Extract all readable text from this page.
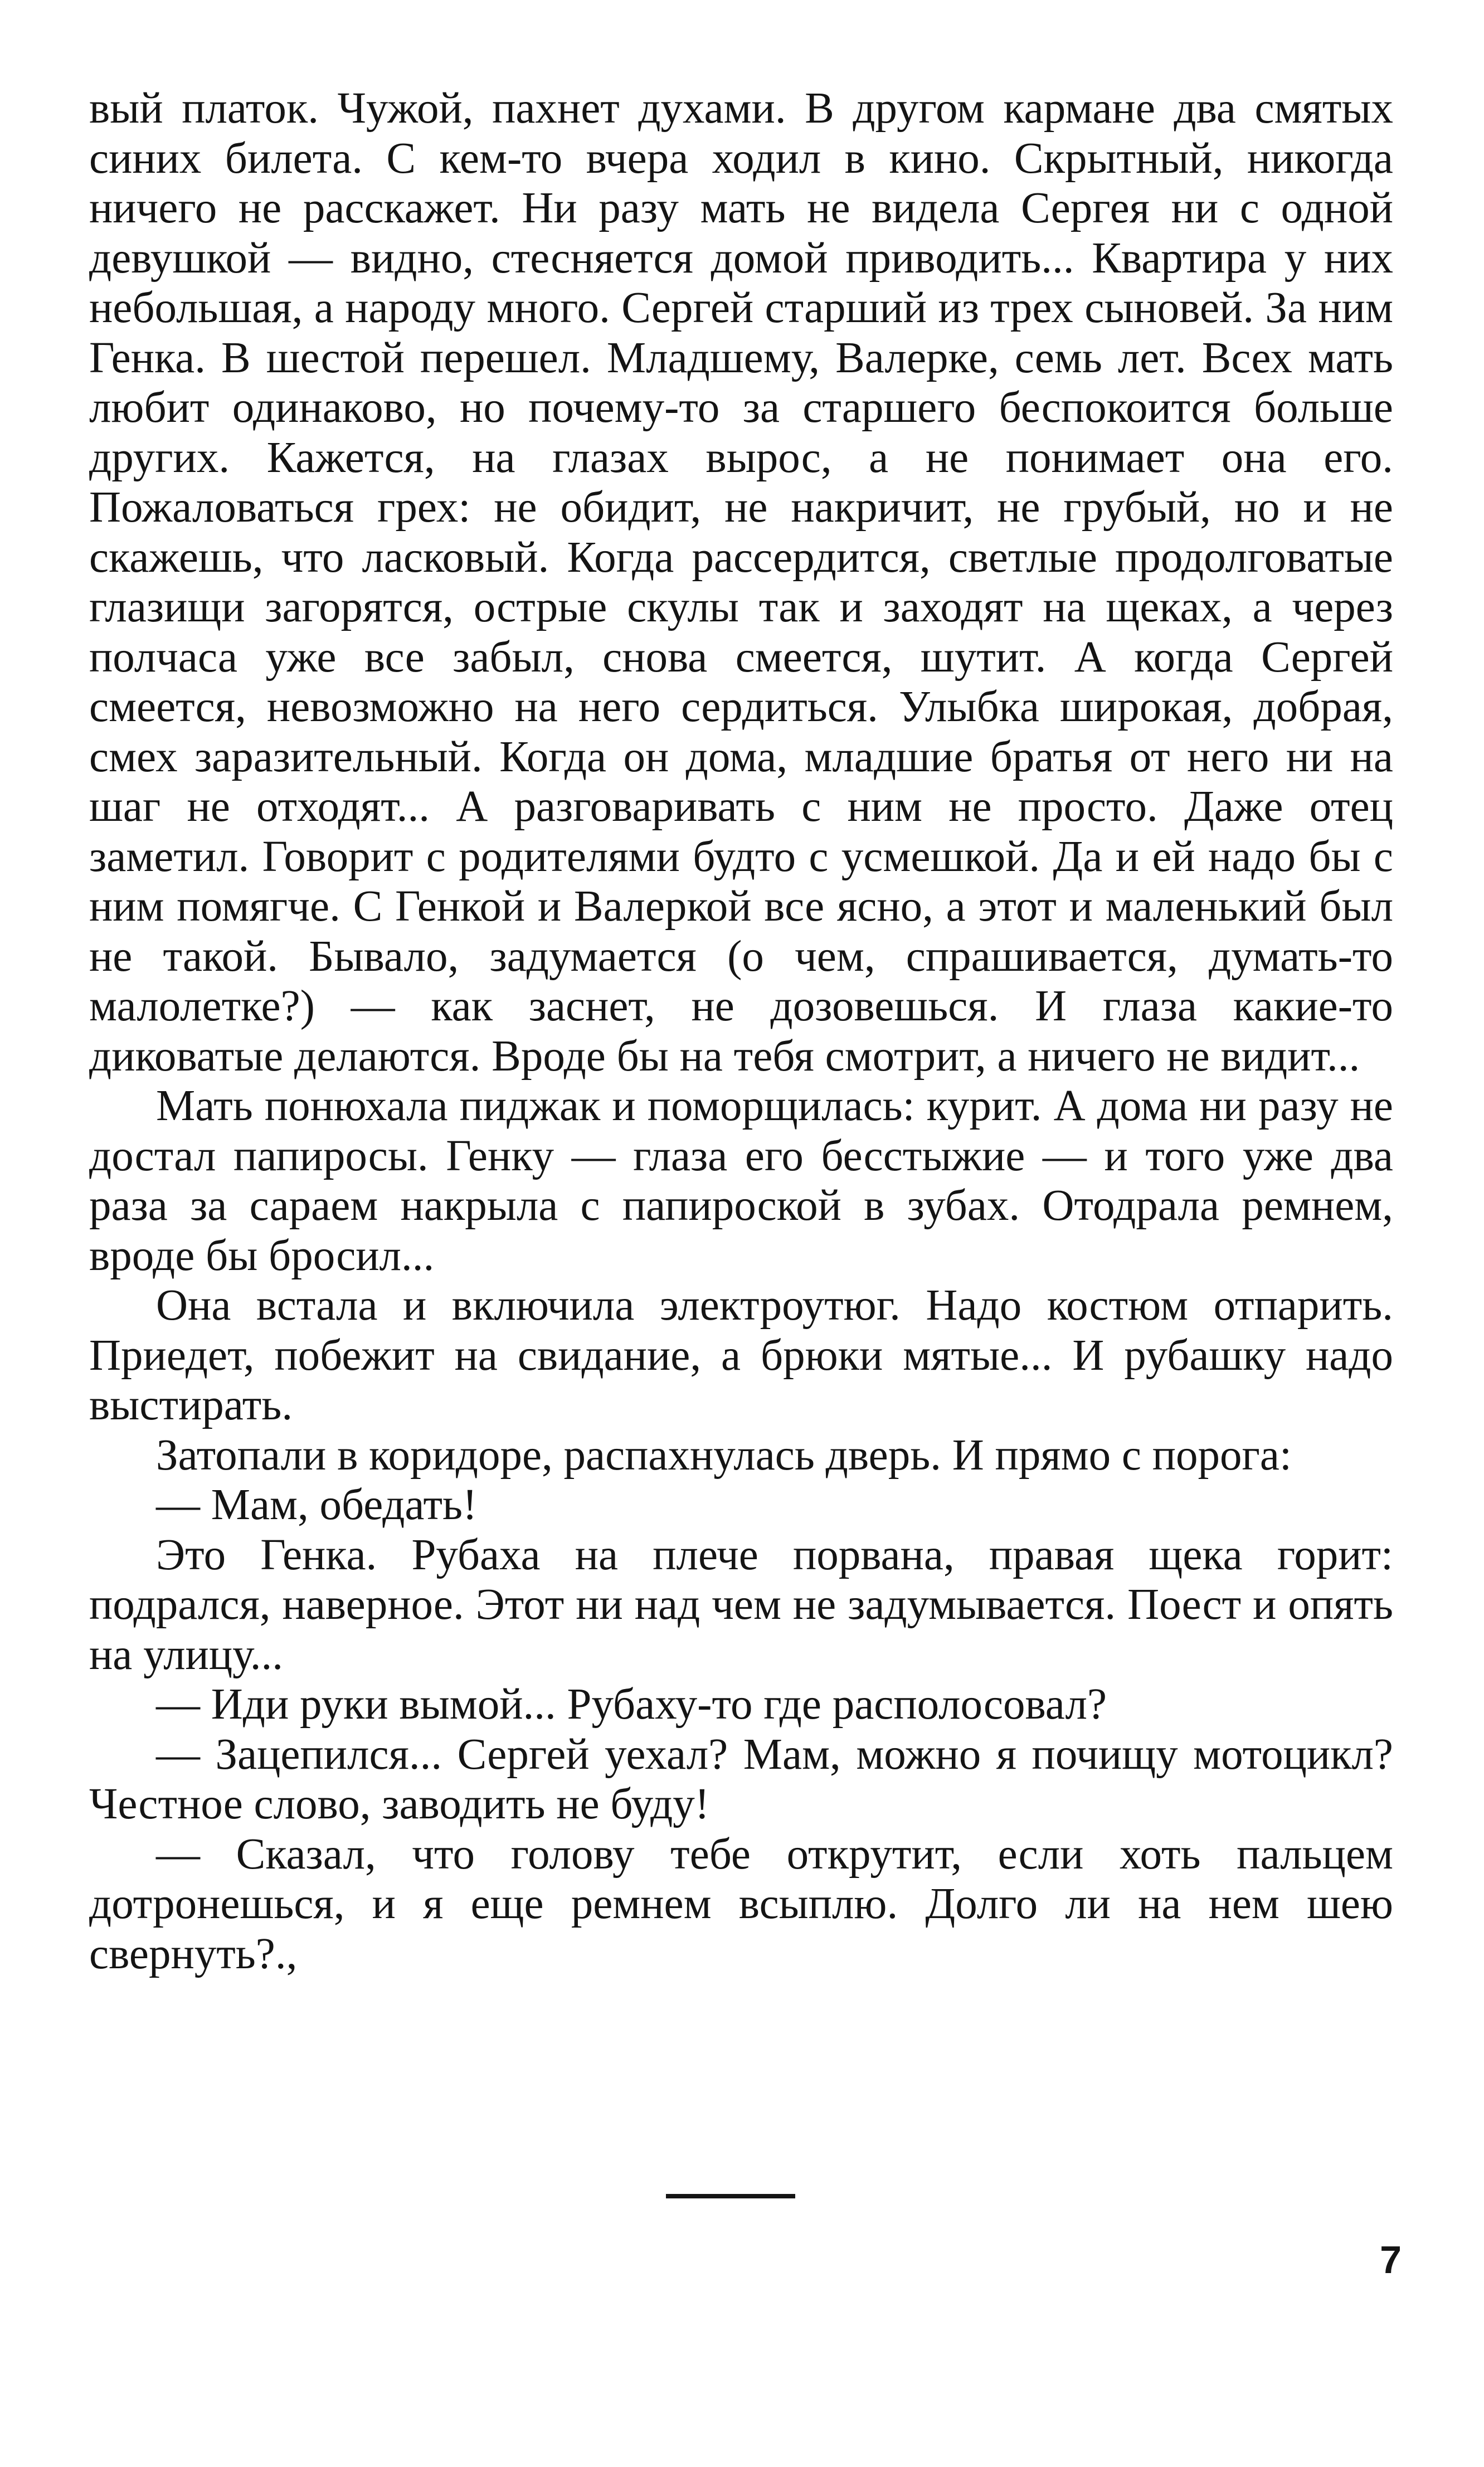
вый платок. Чужой, пахнет духами. В другом кармане два смятых синих билета. С кем-то вчера ходил в кино. Скрытный, никогда ничего не расскажет. Ни разу мать не видела Сергея ни с одной девушкой — видно, стесняется домой приводить... Квартира у них небольшая, а народу много. Сергей старший из трех сыновей. За ним Генка. В шестой перешел. Младшему, Валерке, семь лет. Всех мать любит одинаково, но почему-то за старшего беспокоится больше других. Кажется, на глазах вырос, а не понимает она его. Пожаловаться грех: не обидит, не накричит, не грубый, но и не скажешь, что ласковый. Когда рассердится, светлые продолговатые глазищи загорятся, острые скулы так и заходят на щеках, а через полчаса уже все забыл, снова смеется, шутит. А когда Сергей смеется, невозможно на него сердиться. Улыбка широкая, добрая, смех заразительный. Когда он дома, младшие братья от него ни на шаг не отходят... А разговаривать с ним не просто. Даже отец заметил. Говорит с родителями будто с усмешкой. Да и ей надо бы с ним помягче. С Генкой и Валеркой все ясно, а этот и маленький был не такой. Бывало, задумается (о чем, спрашивается, думать-то малолетке?) — как заснет, не дозовешься. И глаза какие-то диковатые делаются. Вроде бы на тебя смотрит, а ничего не видит...

Мать понюхала пиджак и поморщилась: курит. А дома ни разу не достал папиросы. Генку — глаза его бесстыжие — и того уже два раза за сараем накрыла с папироской в зубах. Отодрала ремнем, вроде бы бросил...

Она встала и включила электроутюг. Надо костюм отпарить. Приедет, побежит на свидание, а брюки мятые... И рубашку надо выстирать.

Затопали в коридоре, распахнулась дверь. И прямо с порога:

— Мам, обедать!

Это Генка. Рубаха на плече порвана, правая щека горит: подрался, наверное. Этот ни над чем не задумывается. Поест и опять на улицу...

— Иди руки вымой... Рубаху-то где располосовал?

— Зацепился... Сергей уехал? Мам, можно я почищу мотоцикл? Честное слово, заводить не буду!

— Сказал, что голову тебе открутит, если хоть пальцем дотронешься, и я еще ремнем всыплю. Долго ли на нем шею свернуть?.,

7
